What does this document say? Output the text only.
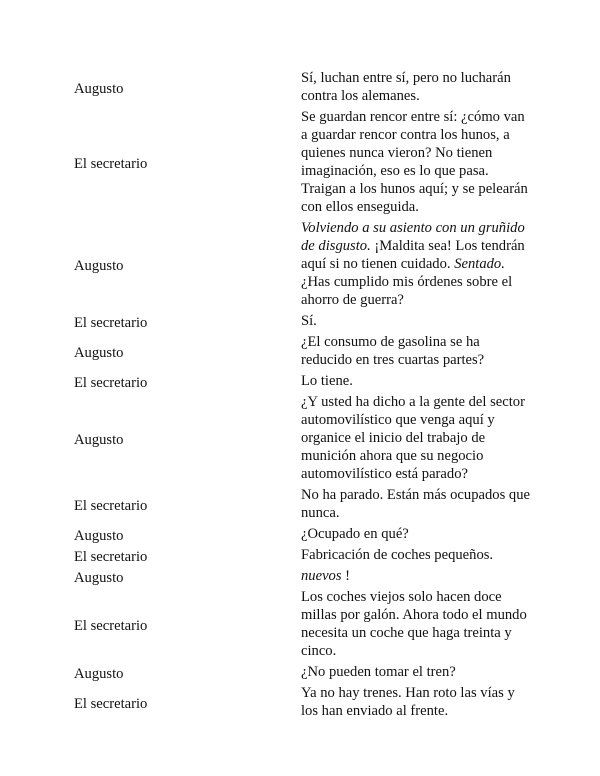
Augusto	Sí, luchan entre sí, pero no lucharán contra los alemanes.
El secretario	Se guardan rencor entre sí: ¿cómo van a guardar rencor contra los hunos, a quienes nunca vieron? No tienen imaginación, eso es lo que pasa. Traigan a los hunos aquí; y se pelearán con ellos enseguida.
Augusto	Volviendo a su asiento con un gruñido de disgusto. ¡Maldita sea! Los tendrán aquí si no tienen cuidado. Sentado. ¿Has cumplido mis órdenes sobre el ahorro de guerra?
El secretario	Sí.
Augusto	¿El consumo de gasolina se ha reducido en tres cuartas partes?
El secretario	Lo tiene.
Augusto	¿Y usted ha dicho a la gente del sector automovilístico que venga aquí y organice el inicio del trabajo de munición ahora que su negocio automovilístico está parado?
El secretario	No ha parado. Están más ocupados que nunca.
Augusto	¿Ocupado en qué?
El secretario	Fabricación de coches pequeños.
Augusto	nuevos !
El secretario	Los coches viejos solo hacen doce millas por galón. Ahora todo el mundo necesita un coche que haga treinta y cinco.
Augusto	¿No pueden tomar el tren?
El secretario	Ya no hay trenes. Han roto las vías y los han enviado al frente.
